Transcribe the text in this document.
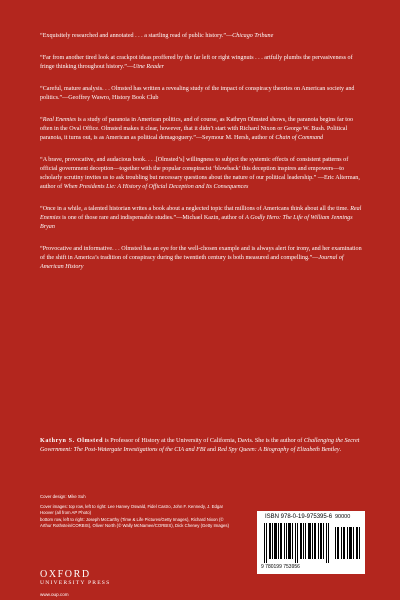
“Exquisitely researched and annotated . . . a startling read of public history.”—Chicago Tribune

“Far from another tired look at crackpot ideas proffered by the far left or right wingnuts . . . artfully plumbs the pervasiveness of fringe thinking throughout history.”—Utne Reader

“Careful, mature analysis. . . Olmsted has written a revealing study of the impact of conspiracy theories on American society and politics.”—Geoffrey Wawro, History Book Club

“Real Enemies is a study of paranoia in American politics, and of course, as Kathryn Olmsted shows, the paranoia begins far too often in the Oval Office. Olmsted makes it clear, however, that it didn’t start with Richard Nixon or George W. Bush. Political paranoia, it turns out, is as American as political demagoguery.”—Seymour M. Hersh, author of Chain of Command

“A brave, provocative, and audacious book. . . .[Olmsted’s] willingness to subject the systemic effects of consistent patterns of official government deception—together with the popular conspiracist ‘blowback’ this deception inspires and empowers—to scholarly scrutiny invites us to ask troubling but necessary questions about the nature of our political leadership.” —Eric Alterman, author of When Presidents Lie: A History of Official Deception and Its Consequences

“Once in a while, a talented historian writes a book about a neglected topic that millions of Americans think about all the time. Real Enemies is one of those rare and indispensable studies.”—Michael Kazin, author of A Godly Hero: The Life of William Jennings Bryan

“Provocative and informative. . . Olmsted has an eye for the well-chosen example and is always alert for irony, and her examination of the shift in America’s tradition of conspiracy during the twentieth century is both measured and compelling.”—Journal of American History

Kathryn S. Olmsted is Professor of History at the University of California, Davis. She is the author of Challenging the Secret Government: The Post-Watergate Investigations of the CIA and FBI and Red Spy Queen: A Biography of Elizabeth Bentley.

Cover design: Mike Suh

Cover images: top row, left to right: Lee Harvey Oswald, Fidel Castro, John F. Kennedy, J. Edgar Hoover (all from AP Photo)
bottom row, left to right: Joseph McCarthy (Time & Life Pictures/Getty Images), Richard Nixon (© Arthur Rothstein/CORBIS), Oliver North (© Wally McNamee/CORBIS), Dick Cheney (Getty Images)

OXFORD
UNIVERSITY PRESS
www.oup.com
ISBN 978-0-19-975395-6 90000
9 780199 753956
